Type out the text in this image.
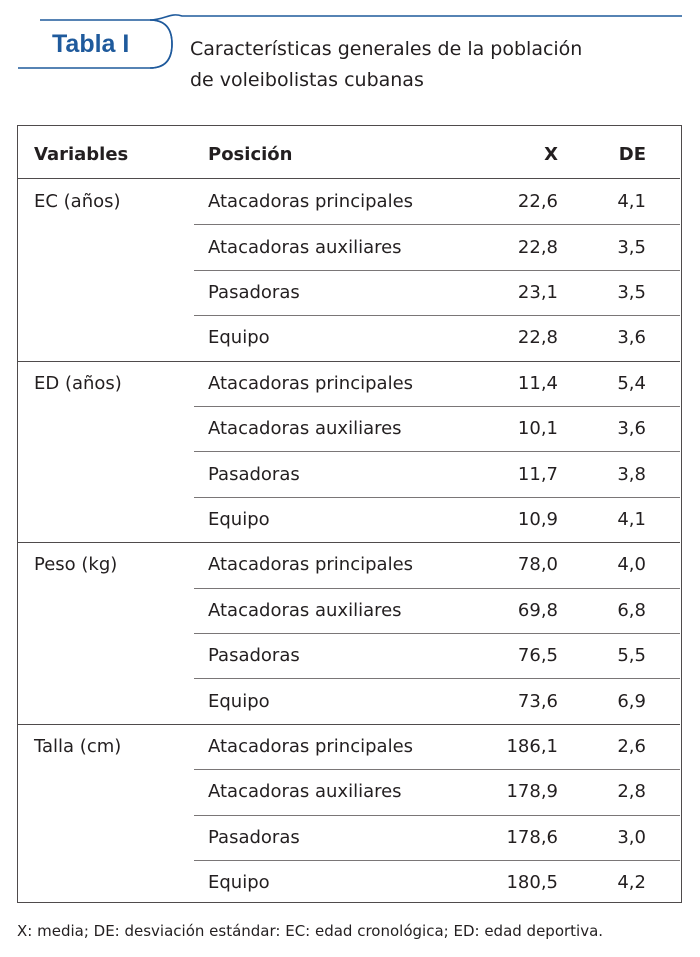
Tabla I	Características generales de la población
de voleibolistas cubanas
Variables	Posición	X	DE
EC (años)	Atacadoras principales	22,6	4,1
Atacadoras auxiliares	22,8	3,5
Pasadoras	23,1	3,5
Equipo	22,8	3,6
ED (años)	Atacadoras principales	11,4	5,4
Atacadoras auxiliares	10,1	3,6
Pasadoras	11,7	3,8
Equipo	10,9	4,1
Peso (kg)	Atacadoras principales	78,0	4,0
Atacadoras auxiliares	69,8	6,8
Pasadoras	76,5	5,5
Equipo	73,6	6,9
Talla (cm)	Atacadoras principales	186,1	2,6
Atacadoras auxiliares	178,9	2,8
Pasadoras	178,6	3,0
Equipo	180,5	4,2
X: media; DE: desviación estándar: EC: edad cronológica; ED: edad deportiva.
